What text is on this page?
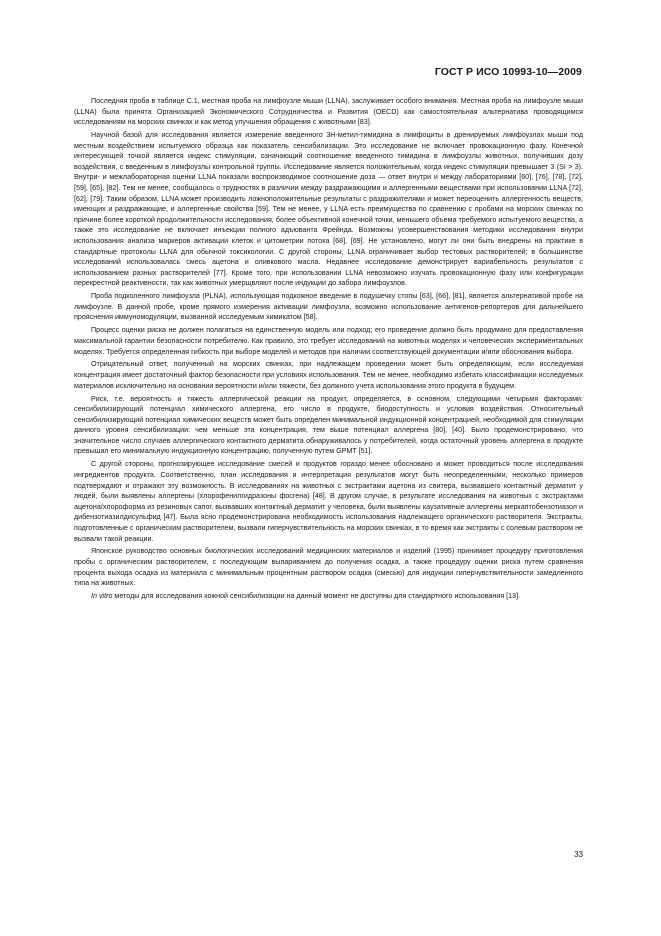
ГОСТ Р ИСО 10993-10—2009

Последняя проба в таблице С.1, местная проба на лимфоузле мыши (LLNA), заслуживает особого внимания. Местная проба на лимфоузле мыши (LLNA) была принята Организацией Экономического Сотрудничества и Развития (OECD) как самостоятельная альтернатива проводящимся исследованиям на морских свинках и как метод улучшения обращения с животными [83].

Научной базой для исследования является измерение введенного 3Н-метил-тимидина в лимфоциты в дренируемых лимфоузлах мыши под местным воздействием испытуемого образца как показатель сенсибилизации. Это исследование не включает провокационную фазу. Конечной интересующей точкой является индекс стимуляции, означающий соотношение введенного тимидина в лимфоузлы животных, получивших дозу воздействия, с введенным в лимфоузлы контрольной группы. Исследование является положительным, когда индекс стимуляции превышает 3 (SI > 3). Внутри- и межлабораторная оценки LLNA показали воспроизводимое соотношение доза — ответ внутри и между лабораториями [60], [76], [78], [72], [59], [65], [82]. Тем не менее, сообщалось о трудностях в различии между раздражающими и аллергенными веществами при использовании LLNA [72], [62], [79]. Таким образом, LLNA может производить ложноположительные результаты с раздражителями и может переоценить аллергенность веществ, имеющих и раздражающие, и аллергенные свойства [59]. Тем не менее, у LLNA есть преимущества по сравнению с пробами на морских свинках по причине более короткой продолжительности исследования, более объективной конечной точки, меньшего объема требуемого испытуемого вещества, а также это исследование не включает инъекции полного адъюванта Фрейнда. Возможны усовершенствования методики исследования внутри использования анализа маркеров активации клеток и цитометрии потока [68], [69]. Не установлено, могут ли они быть внедрены на практике в стандартные протоколы LLNA для обычной токсикологии. С другой стороны, LLNA ограничивает выбор тестовых растворителей; в большинстве исследований использовалась смесь ацетона и оливкового масла. Недавнее исследование демонстрирует вариабельность результатов с использованием разных растворителей [77]. Кроме того, при использовании LLNA невозможно изучать провокационную фазу или конфигурации перекрестной реактивности, так как животных умерщвляют после индукции до забора лимфоузлов.

Проба подколенного лимфоузла (PLNA), использующая подкожное введение в подушечку стопы [63], [66], [81], является альтернативой пробе на лимфоузле. В данной пробе, кроме прямого измерения активации лимфоузла, возможно использование антигенов-репортеров для дальнейшего прояснения иммуномодуляции, вызванной исследуемым химикатом [58].

Процесс оценки риска не должен полагаться на единственную модель или подход; его проведение должно быть продумано для предоставления максимальной гарантии безопасности потребителю. Как правило, это требует исследований на животных моделях и человеческих экспериментальных моделях. Требуется определенная гибкость при выборе моделей и методов при наличии соответствующей документации и/или обоснования выбора.

Отрицательный ответ, полученный на морских свинках, при надлежащем проведении может быть определяющим, если исследуемая концентрация имеет достаточный фактор безопасности при условиях использования. Тем не менее, необходимо избегать классификации исследуемых материалов исключительно на основании вероятности и/или тяжести, без должного учета использования этого продукта в будущем.

Риск, т.е. вероятность и тяжесть аллергической реакции на продукт, определяется, в основном, следующими четырьмя факторами: сенсибилизирующий потенциал химического аллергена, его число в продукте, биодоступность и условия воздействия. Относительный сенсибилизирующий потенциал химических веществ может быть определен минимальной индукционной концентрацией, необходимой для стимуляции данного уровня сенсибилизации: чем меньше эта концентрация, тем выше потенциал аллергена [80], [40]. Было продемонстрировано, что значительное число случаев аллергического контактного дерматита обнаруживалось у потребителей, когда остаточный уровень аллергена в продукте превышал его минимальную индукционную концентрацию, полученную путем GPMT [51].

С другой стороны, прогнозирующее исследование смесей и продуктов гораздо менее обосновано и может проводиться после исследования ингредиентов продукта. Соответственно, план исследования и интерпретация результатов могут быть неопределенными, несколько примеров подтверждают и отражают эту возможность. В исследованиях на животных с экстрактами ацетона из свитера, вызвавшего контактный дерматит у людей, были выявлены аллергены (хлорофенилгидразоны фосгена) [48]. В другом случае, в результате исследования на животных с экстрактами ацетона/хлороформа из резиновых сапог, вызвавших контактный дерматит у человека, были выявлены каузативные аллергены меркаптобензотиазол и дибензотиазилдисульфид [47]. Была ясно продемонстрирована необходимость использования надлежащего органического растворителя. Экстракты, подготовленные с органическим растворителем, вызвали гиперчувствительность на морских свинках, в то время как экстракты с солевым раствором не вызвали такой реакции.

Японское руководство основных биологических исследований медицинских материалов и изделий (1995) принимает процедуру приготовления пробы с органическим растворителем, с последующим выпариванием до получения осадка, а также процедуру оценки риска путем сравнения процента выхода осадка из материала с минимальным процентным раствором осадка (смесью) для индукции гиперчувствительности замедленного типа на животных.

In vitro методы для исследования кожной сенсибилизации на данный момент не доступны для стандартного использования [13].

33
